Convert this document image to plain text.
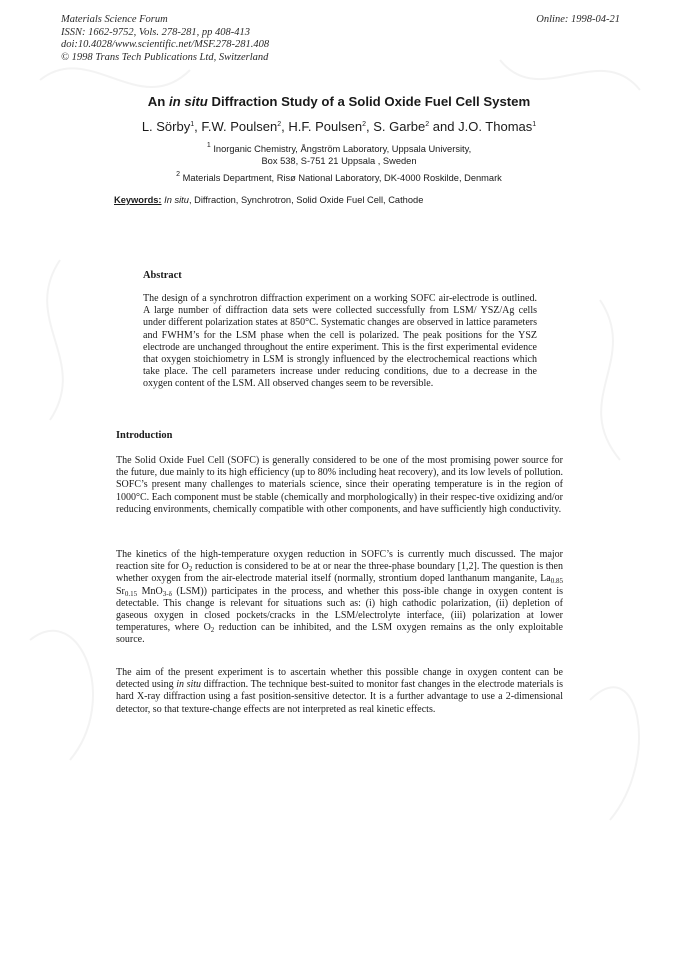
Materials Science Forum
ISSN: 1662-9752, Vols. 278-281, pp 408-413
doi:10.4028/www.scientific.net/MSF.278-281.408
© 1998 Trans Tech Publications Ltd, Switzerland
Online: 1998-04-21
An in situ Diffraction Study of a Solid Oxide Fuel Cell System
L. Sörby$^1$, F.W. Poulsen$^2$, H.F. Poulsen$^2$, S. Garbe$^2$ and J.O. Thomas$^1$
$^1$ Inorganic Chemistry, Ångström Laboratory, Uppsala University,
Box 538, S-751 21 Uppsala , Sweden
$^2$ Materials Department, Risø National Laboratory, DK-4000 Roskilde, Denmark
Keywords: In situ, Diffraction, Synchrotron, Solid Oxide Fuel Cell, Cathode
Abstract

The design of a synchrotron diffraction experiment on a working SOFC air-electrode is outlined. A large number of diffraction data sets were collected successfully from LSM/ YSZ/Ag cells under different polarization states at 850°C. Systematic changes are observed in lattice parameters and FWHM’s for the LSM phase when the cell is polarized. The peak positions for the YSZ electrode are unchanged throughout the entire experiment. This is the first experimental evidence that oxygen stoichiometry in LSM is strongly influenced by the electrochemical reactions which take place. The cell parameters increase under reducing conditions, due to a decrease in the oxygen content of the LSM. All observed changes seem to be reversible.

Introduction

The Solid Oxide Fuel Cell (SOFC) is generally considered to be one of the most promising power source for the future, due mainly to its high efficiency (up to 80% including heat recovery), and its low levels of pollution. SOFC’s present many challenges to materials science, since their operating temperature is in the region of 1000°C. Each component must be stable (chemically and morphologically) in their respec-tive oxidizing and/or reducing environments, chemically compatible with other components, and have sufficiently high conductivity.

The kinetics of the high-temperature oxygen reduction in SOFC’s is currently much discussed. The major reaction site for $O_2$ reduction is considered to be at or near the three-phase boundary [1,2]. The question is then whether oxygen from the air-electrode material itself (normally, strontium doped lanthanum manganite, $La_{0.85}$ $Sr_{0.15}$ MnO$_{3-\delta}$ (LSM)) participates in the process, and whether this poss-ible change in oxygen content is detectable. This change is relevant for situations such as: (i) high cathodic polarization, (ii) depletion of gaseous oxygen in closed pockets/cracks in the LSM/electrolyte interface, (iii) polarization at lower temperatures, where $O_2$ reduction can be inhibited, and the LSM oxygen remains as the only exploitable source.

The aim of the present experiment is to ascertain whether this possible change in oxygen content can be detected using in situ diffraction. The technique best-suited to monitor fast changes in the electrode materials is hard X-ray diffraction using a fast position-sensitive detector. It is a further advantage to use a 2-dimensional detector, so that texture-change effects are not interpreted as real kinetic effects.
